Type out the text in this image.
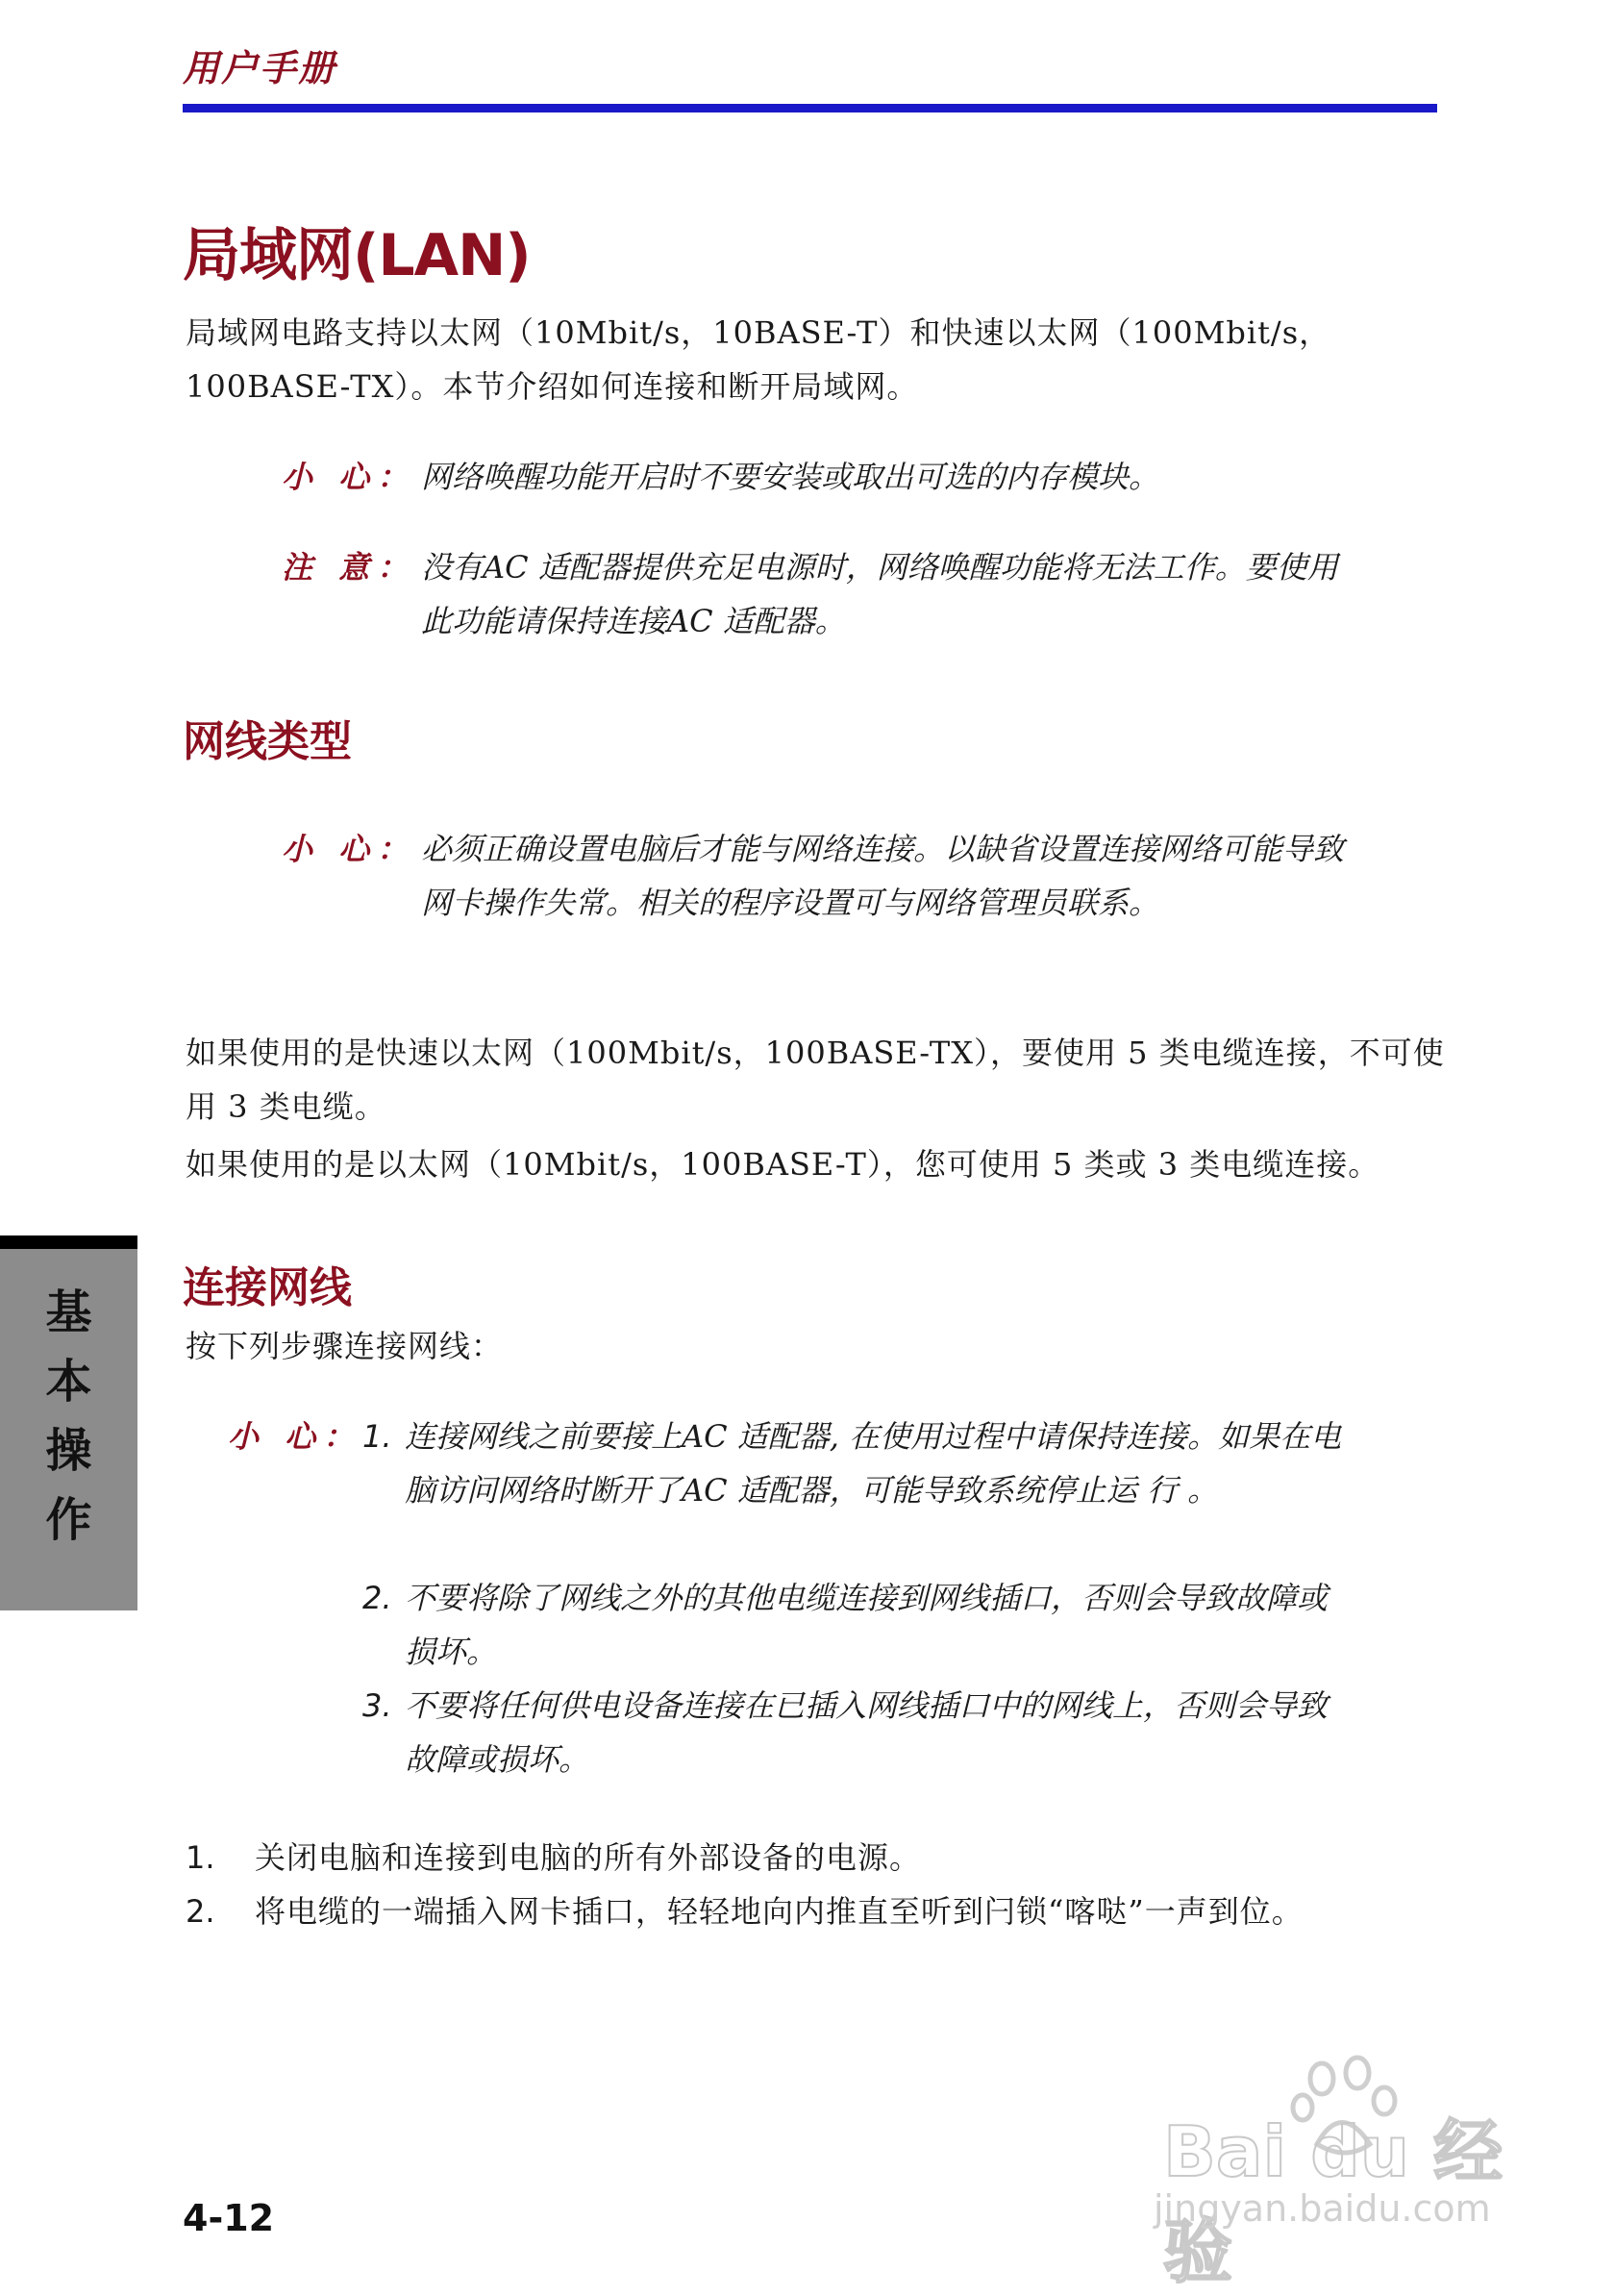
用户手册
局域网(LAN)
局域网电路支持以太网（10Mbit/s，10BASE-T）和快速以太网（100Mbit/s，100BASE-TX）。本节介绍如何连接和断开局域网。
小 心： 网络唤醒功能开启时不要安装或取出可选的内存模块。
注 意： 没有AC 适配器提供充足电源时，网络唤醒功能将无法工作。要使用此功能请保持连接AC 适配器。
网线类型
小 心： 必须正确设置电脑后才能与网络连接。以缺省设置连接网络可能导致网卡操作失常。相关的程序设置可与网络管理员联系。
如果使用的是快速以太网（100Mbit/s，100BASE-TX），要使用 5 类电缆连接，不可使用 3 类电缆。
如果使用的是以太网（10Mbit/s，100BASE-T），您可使用 5 类或 3 类电缆连接。
连接网线
按下列步骤连接网线：
小 心： 1. 连接网线之前要接上AC 适配器, 在使用过程中请保持连接。如果在电脑访问网络时断开了AC 适配器，可能导致系统停止运 行 。
2. 不要将除了网线之外的其他电缆连接到网线插口，否则会导致故障或损坏。
3. 不要将任何供电设备连接在已插入网线插口中的网线上，否则会导致故障或损坏。
1. 关闭电脑和连接到电脑的所有外部设备的电源。
2. 将电缆的一端插入网卡插口，轻轻地向内推直至听到闩锁“喀哒”一声到位。
基
本
操
作
4-12
Bai du 经验
jingyan.baidu.com
